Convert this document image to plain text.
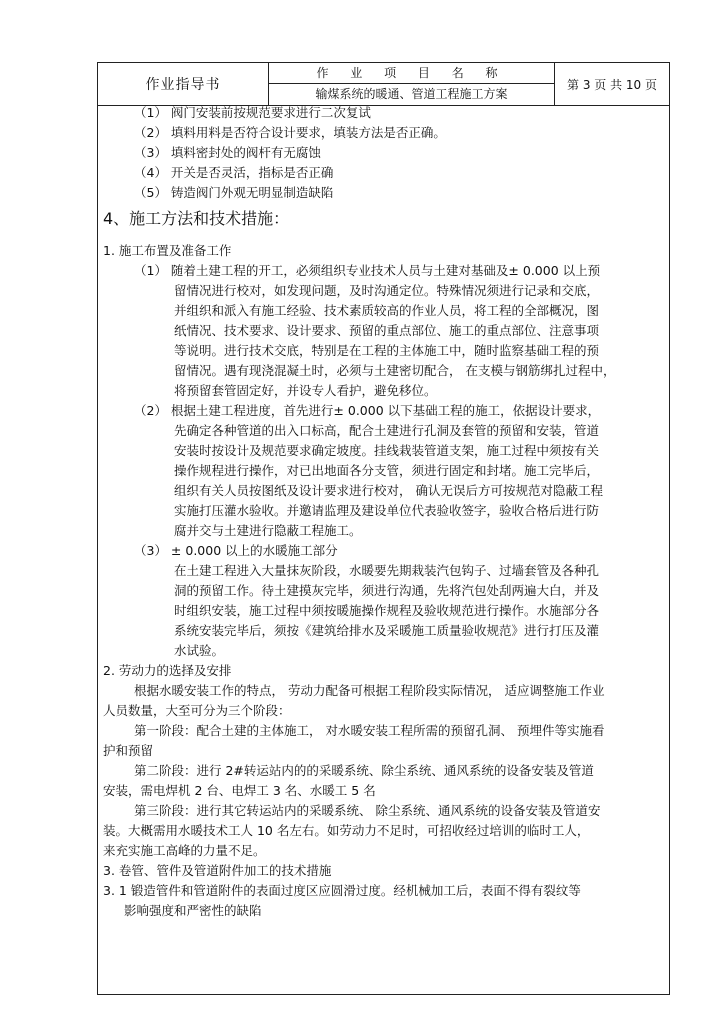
作业指导书
作 业 项 目 名 称
输煤系统的暖通、管道工程施工方案
第 3 页 共 10 页
（1） 阀门安装前按规范要求进行二次复试
（2） 填料用料是否符合设计要求，填装方法是否正确。
（3） 填料密封处的阀杆有无腐蚀
（4） 开关是否灵活，指标是否正确
（5） 铸造阀门外观无明显制造缺陷
4、施工方法和技术措施：
1. 施工布置及准备工作
（1） 随着土建工程的开工，必须组织专业技术人员与土建对基础及± 0.000 以上预
留情况进行校对，如发现问题，及时沟通定位。特殊情况须进行记录和交底，
并组织和派入有施工经验、技术素质较高的作业人员，将工程的全部概况，图
纸情况、技术要求、设计要求、预留的重点部位、施工的重点部位、注意事项
等说明。进行技术交底，特别是在工程的主体施工中，随时监察基础工程的预
留情况。遇有现浇混凝土时，必须与土建密切配合， 在支模与钢筋绑扎过程中，
将预留套管固定好，并设专人看护，避免移位。
（2） 根据土建工程进度，首先进行± 0.000 以下基础工程的施工，依据设计要求，
先确定各种管道的出入口标高，配合土建进行孔洞及套管的预留和安装，管道
安装时按设计及规范要求确定坡度。挂线栽装管道支架，施工过程中须按有关
操作规程进行操作，对已出地面各分支管，须进行固定和封堵。施工完毕后，
组织有关人员按图纸及设计要求进行校对， 确认无误后方可按规范对隐蔽工程
实施打压灌水验收。并邀请监理及建设单位代表验收签字，验收合格后进行防
腐并交与土建进行隐蔽工程施工。
（3） ± 0.000 以上的水暖施工部分
在土建工程进入大量抹灰阶段，水暖要先期栽装汽包钩子、过墙套管及各种孔
洞的预留工作。待土建摸灰完毕，须进行沟通，先将汽包处刮两遍大白，并及
时组织安装，施工过程中须按暖施操作规程及验收规范进行操作。水施部分各
系统安装完毕后，须按《建筑给排水及采暖施工质量验收规范》进行打压及灌
水试验。
2. 劳动力的选择及安排
根据水暖安装工作的特点， 劳动力配备可根据工程阶段实际情况， 适应调整施工作业
人员数量，大至可分为三个阶段：
第一阶段：配合土建的主体施工， 对水暖安装工程所需的预留孔洞、 预埋件等实施看
护和预留
第二阶段：进行 2#转运站内的的采暖系统、除尘系统、通风系统的设备安装及管道
安装，需电焊机 2 台、电焊工 3 名、水暖工 5 名
第三阶段：进行其它转运站内的采暖系统、 除尘系统、通风系统的设备安装及管道安
装。大概需用水暖技术工人 10 名左右。如劳动力不足时，可招收经过培训的临时工人，
来充实施工高峰的力量不足。
3. 卷管、管件及管道附件加工的技术措施
3. 1 锻造管件和管道附件的表面过度区应圆滑过度。经机械加工后，表面不得有裂纹等
影响强度和严密性的缺陷
